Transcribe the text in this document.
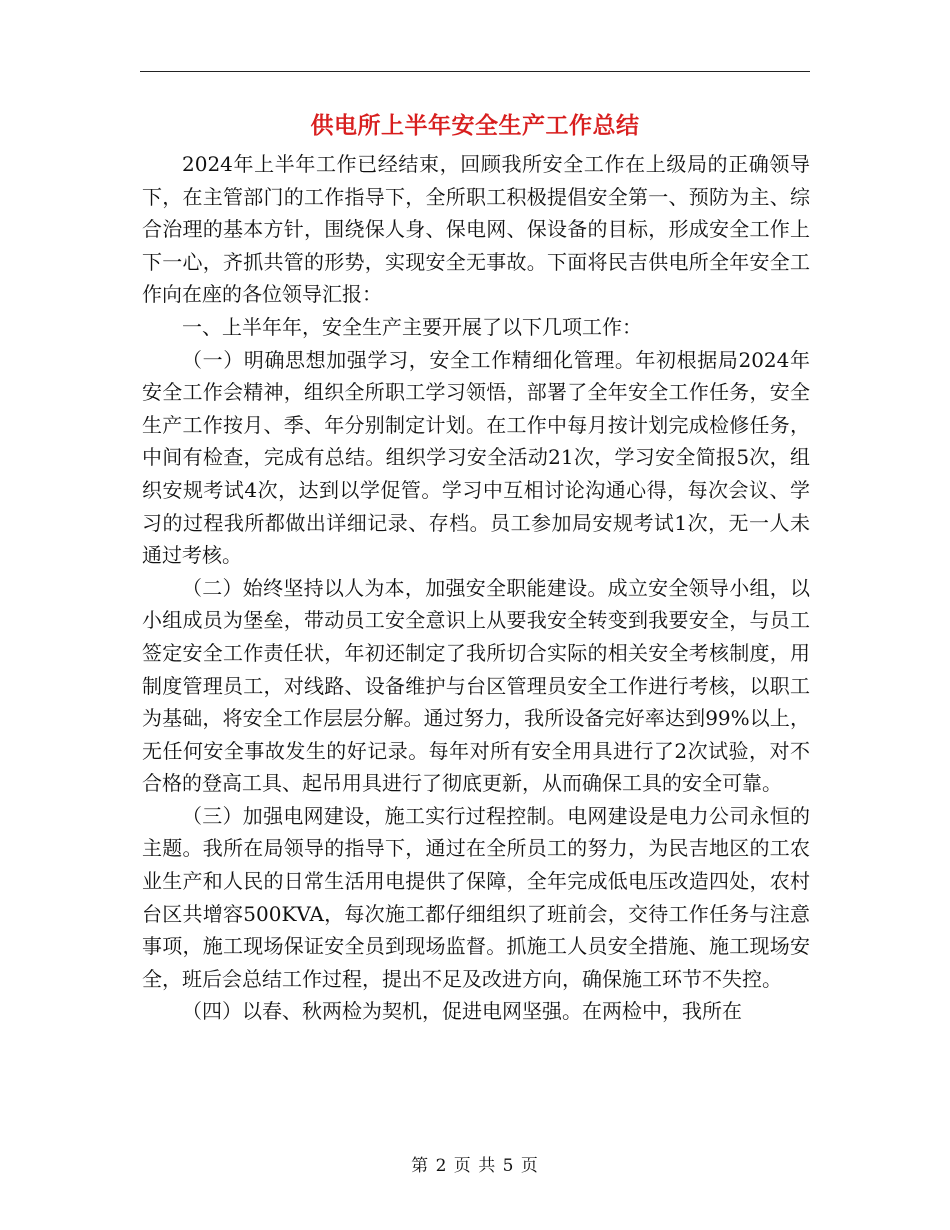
供电所上半年安全生产工作总结

2024年上半年工作已经结束，回顾我所安全工作在上级局的正确领导下，在主管部门的工作指导下，全所职工积极提倡安全第一、预防为主、综合治理的基本方针，围绕保人身、保电网、保设备的目标，形成安全工作上下一心，齐抓共管的形势，实现安全无事故。下面将民吉供电所全年安全工作向在座的各位领导汇报：

一、上半年年，安全生产主要开展了以下几项工作：

（一）明确思想加强学习，安全工作精细化管理。年初根据局2024年安全工作会精神，组织全所职工学习领悟，部署了全年安全工作任务，安全生产工作按月、季、年分别制定计划。在工作中每月按计划完成检修任务，中间有检查，完成有总结。组织学习安全活动21次，学习安全简报5次，组织安规考试4次，达到以学促管。学习中互相讨论沟通心得，每次会议、学习的过程我所都做出详细记录、存档。员工参加局安规考试1次，无一人未通过考核。

（二）始终坚持以人为本，加强安全职能建设。成立安全领导小组，以小组成员为堡垒，带动员工安全意识上从要我安全转变到我要安全，与员工签定安全工作责任状，年初还制定了我所切合实际的相关安全考核制度，用制度管理员工，对线路、设备维护与台区管理员安全工作进行考核，以职工为基础，将安全工作层层分解。通过努力，我所设备完好率达到99%以上，无任何安全事故发生的好记录。每年对所有安全用具进行了2次试验，对不合格的登高工具、起吊用具进行了彻底更新，从而确保工具的安全可靠。

（三）加强电网建设，施工实行过程控制。电网建设是电力公司永恒的主题。我所在局领导的指导下，通过在全所员工的努力，为民吉地区的工农业生产和人民的日常生活用电提供了保障，全年完成低电压改造四处，农村台区共增容500KVA，每次施工都仔细组织了班前会，交待工作任务与注意事项，施工现场保证安全员到现场监督。抓施工人员安全措施、施工现场安全，班后会总结工作过程，提出不足及改进方向，确保施工环节不失控。

（四）以春、秋两检为契机，促进电网坚强。在两检中，我所在

第 2 页 共 5 页
